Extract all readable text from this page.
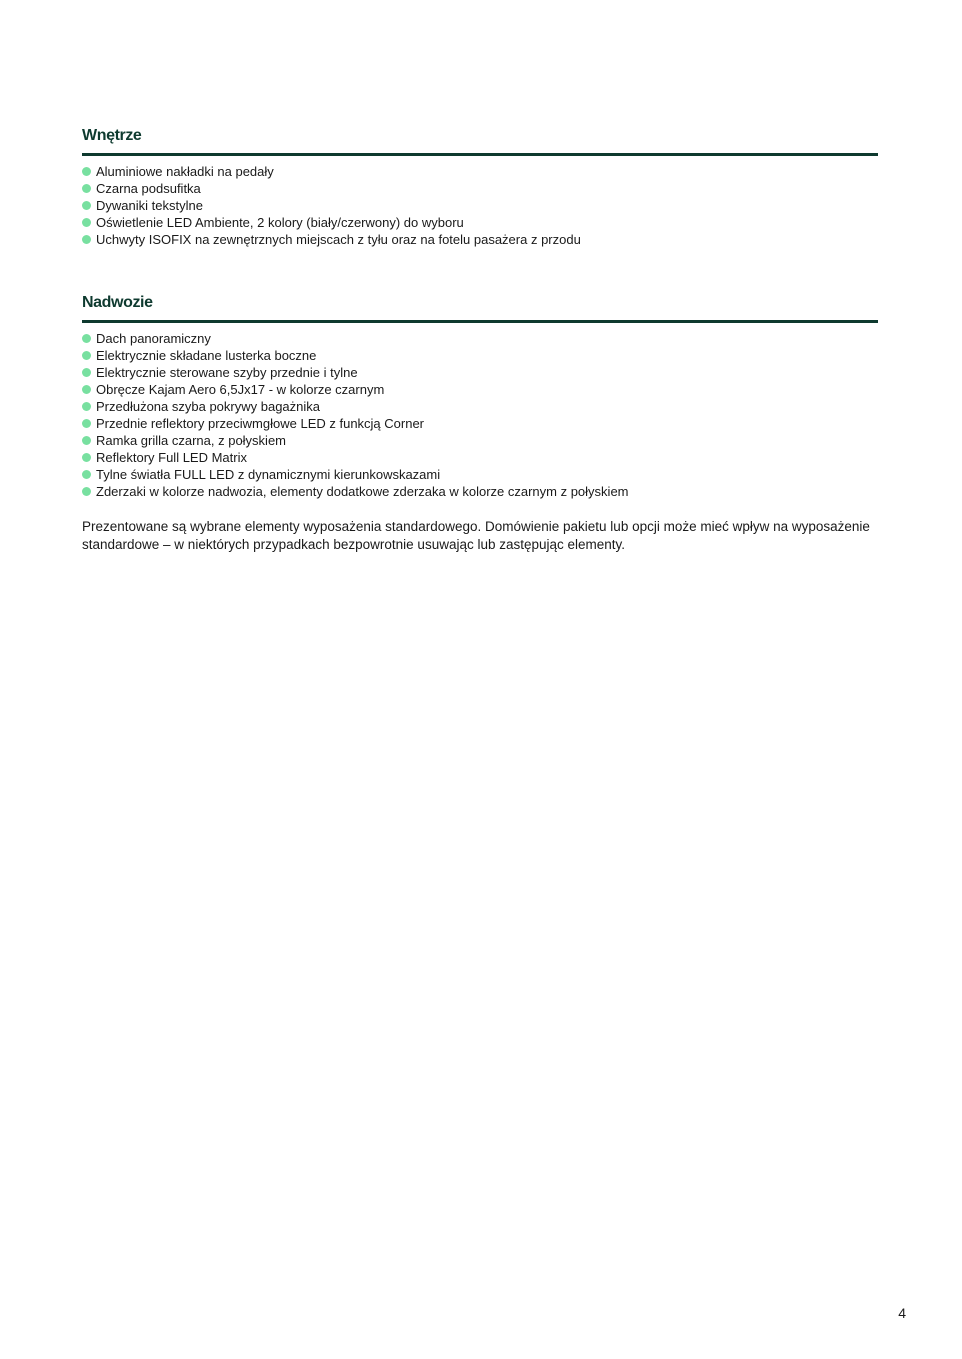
Wnętrze
Aluminiowe nakładki na pedały
Czarna podsufitka
Dywaniki tekstylne
Oświetlenie LED Ambiente, 2 kolory (biały/czerwony) do wyboru
Uchwyty ISOFIX na zewnętrznych miejscach z tyłu oraz na fotelu pasażera z przodu
Nadwozie
Dach panoramiczny
Elektrycznie składane lusterka boczne
Elektrycznie sterowane szyby przednie i tylne
Obręcze Kajam Aero 6,5Jx17 - w kolorze czarnym
Przedłużona szyba pokrywy bagażnika
Przednie reflektory przeciwmgłowe LED z funkcją Corner
Ramka grilla czarna, z połyskiem
Reflektory Full LED Matrix
Tylne światła FULL LED z dynamicznymi kierunkowskazami
Zderzaki w kolorze nadwozia, elementy dodatkowe zderzaka w kolorze czarnym z połyskiem

Prezentowane są wybrane elementy wyposażenia standardowego. Domówienie pakietu lub opcji może mieć wpływ na wyposażenie standardowe – w niektórych przypadkach bezpowrotnie usuwając lub zastępując elementy.

4
